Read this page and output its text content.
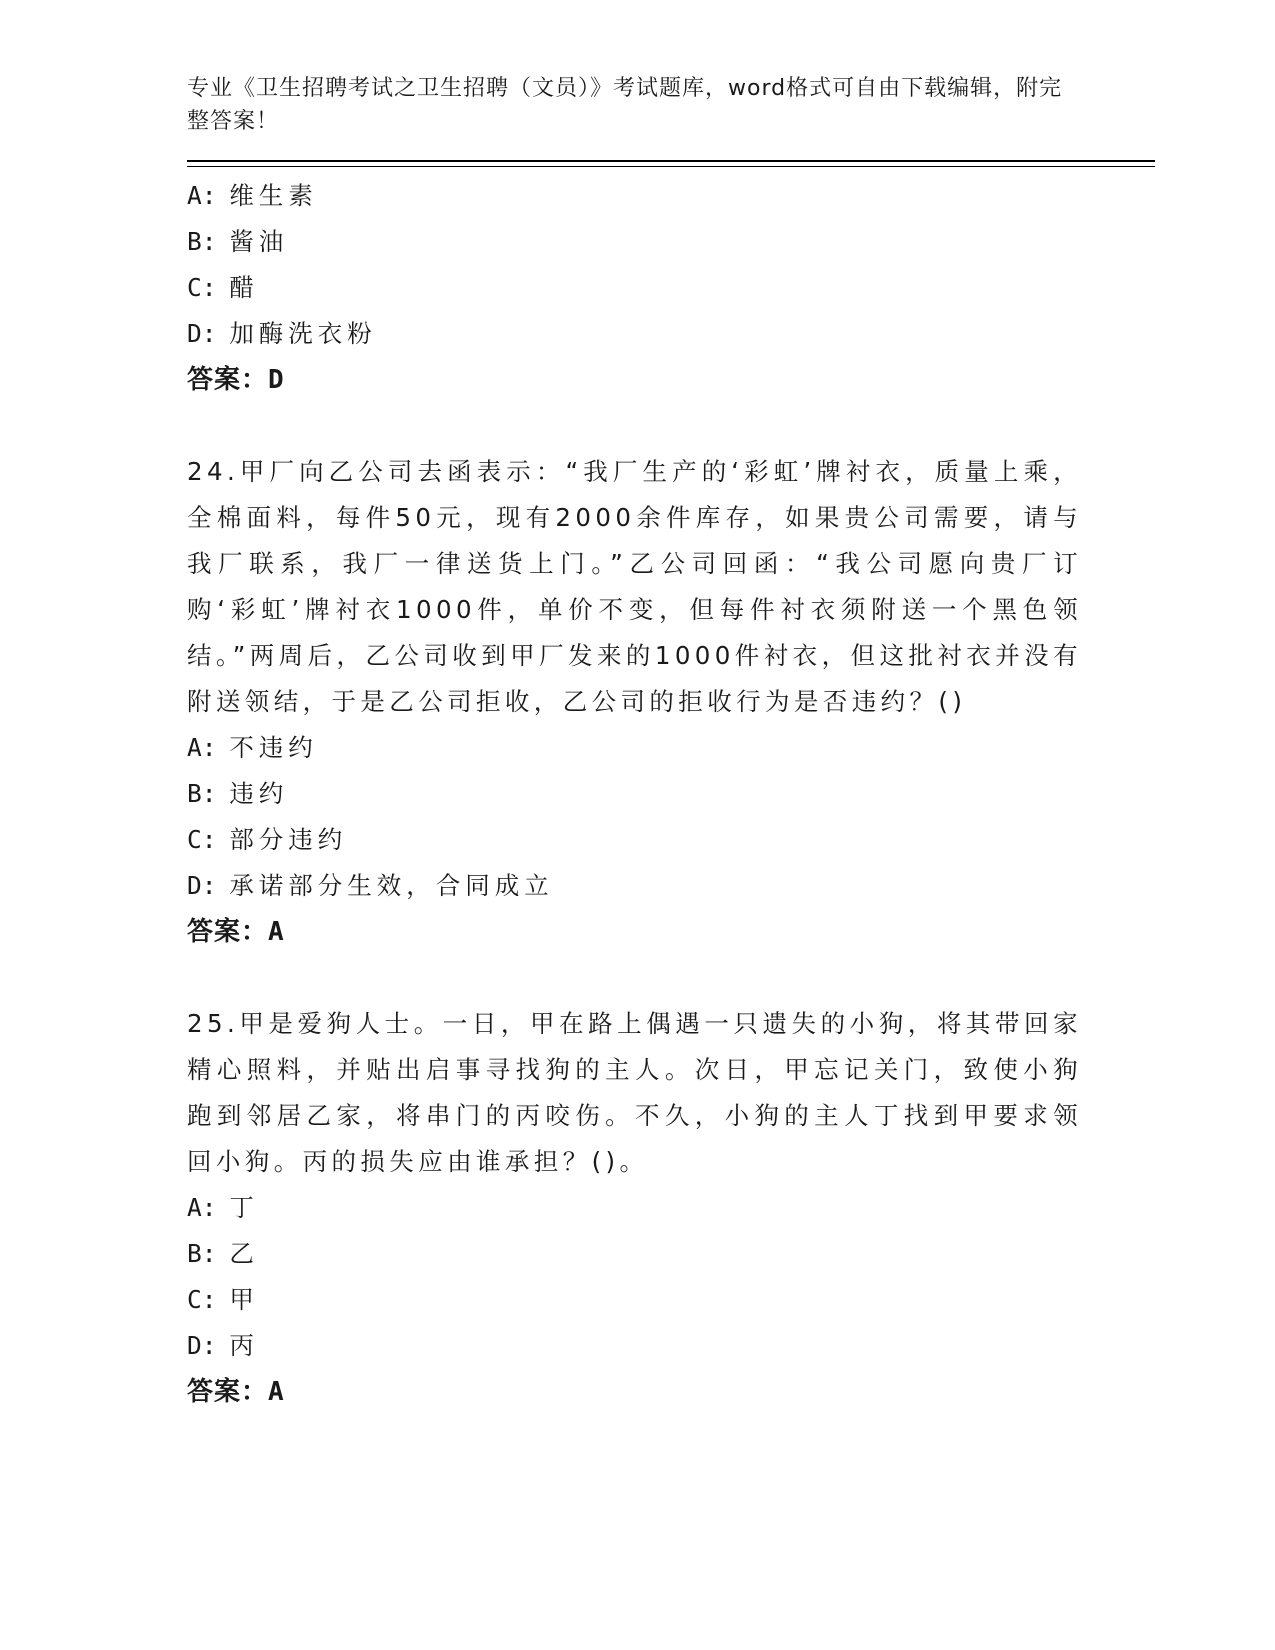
专业《卫生招聘考试之卫生招聘（文员）》考试题库，word格式可自由下载编辑，附完整答案！
A: 维生素
B: 酱油
C: 醋
D: 加酶洗衣粉
答案：D
24.甲厂向乙公司去函表示：“我厂生产的‘彩虹’牌衬衣，质量上乘，全棉面料，每件50元，现有2000余件库存，如果贵公司需要，请与我厂联系，我厂一律送货上门。”乙公司回函：“我公司愿向贵厂订购‘彩虹’牌衬衣1000件，单价不变，但每件衬衣须附送一个黑色领结。”两周后，乙公司收到甲厂发来的1000件衬衣，但这批衬衣并没有附送领结，于是乙公司拒收，乙公司的拒收行为是否违约？()
A: 不违约
B: 违约
C: 部分违约
D: 承诺部分生效，合同成立
答案：A
25.甲是爱狗人士。一日，甲在路上偶遇一只遗失的小狗，将其带回家精心照料，并贴出启事寻找狗的主人。次日，甲忘记关门，致使小狗跑到邻居乙家，将串门的丙咬伤。不久，小狗的主人丁找到甲要求领回小狗。丙的损失应由谁承担？()。
A: 丁
B: 乙
C: 甲
D: 丙
答案：A
